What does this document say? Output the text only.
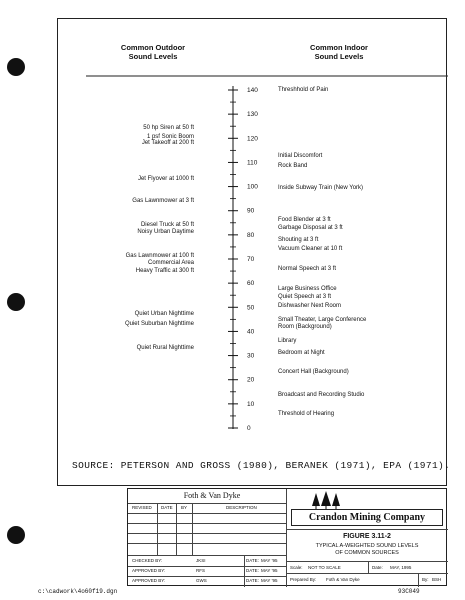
Common Outdoor
Sound Levels
Common Indoor
Sound Levels
140
130
120
110
100
90
80
70
60
50
40
30
20
10
0
50 hp Siren at 50 ft
1 psf Sonic Boom
Jet Takeoff at 200 ft
Jet Flyover at 1000 ft
Gas Lawnmower at 3 ft
Diesel Truck at 50 ft
Noisy Urban Daytime
Gas Lawnmower at 100 ft
Commercial Area
Heavy Traffic at 300 ft
Quiet Urban Nighttime
Quiet Suburban Nighttime
Quiet Rural Nighttime
Threshhold of Pain
Initial Discomfort
Rock Band
Inside Subway Train (New York)
Food Blender at 3 ft
Garbage Disposal at 3 ft
Shouting at 3 ft
Vacuum Cleaner at 10 ft
Normal Speech at 3 ft
Large Business Office
Quiet Speech at 3 ft
Dishwasher Next Room
Small Theater, Large Conference
Room (Background)
Library
Bedroom at Night
Concert Hall (Background)
Broadcast and Recording Studio
Threshold of Hearing
SOURCE: PETERSON AND GROSS (1980), BERANEK (1971), EPA (1971).
Foth & Van Dyke
REVISED DATE BY	DESCRIPTION
CHECKED BY:	JKSI	DATE: MAY '95
APPROVED BY:	RFS	DATE: MAY '95
APPROVED BY:	GWS	DATE: MAY '95
Crandon Mining Company
FIGURE 3.11-2
TYPICAL A-WEIGHTED SOUND LEVELS
OF COMMON SOURCES
Scale: NOT TO SCALE	Date: MAY, 1995
Prepared By: Foth & Van Dyke	By: BSH
c:\cadwork\4o60f19.dgn	93C049
